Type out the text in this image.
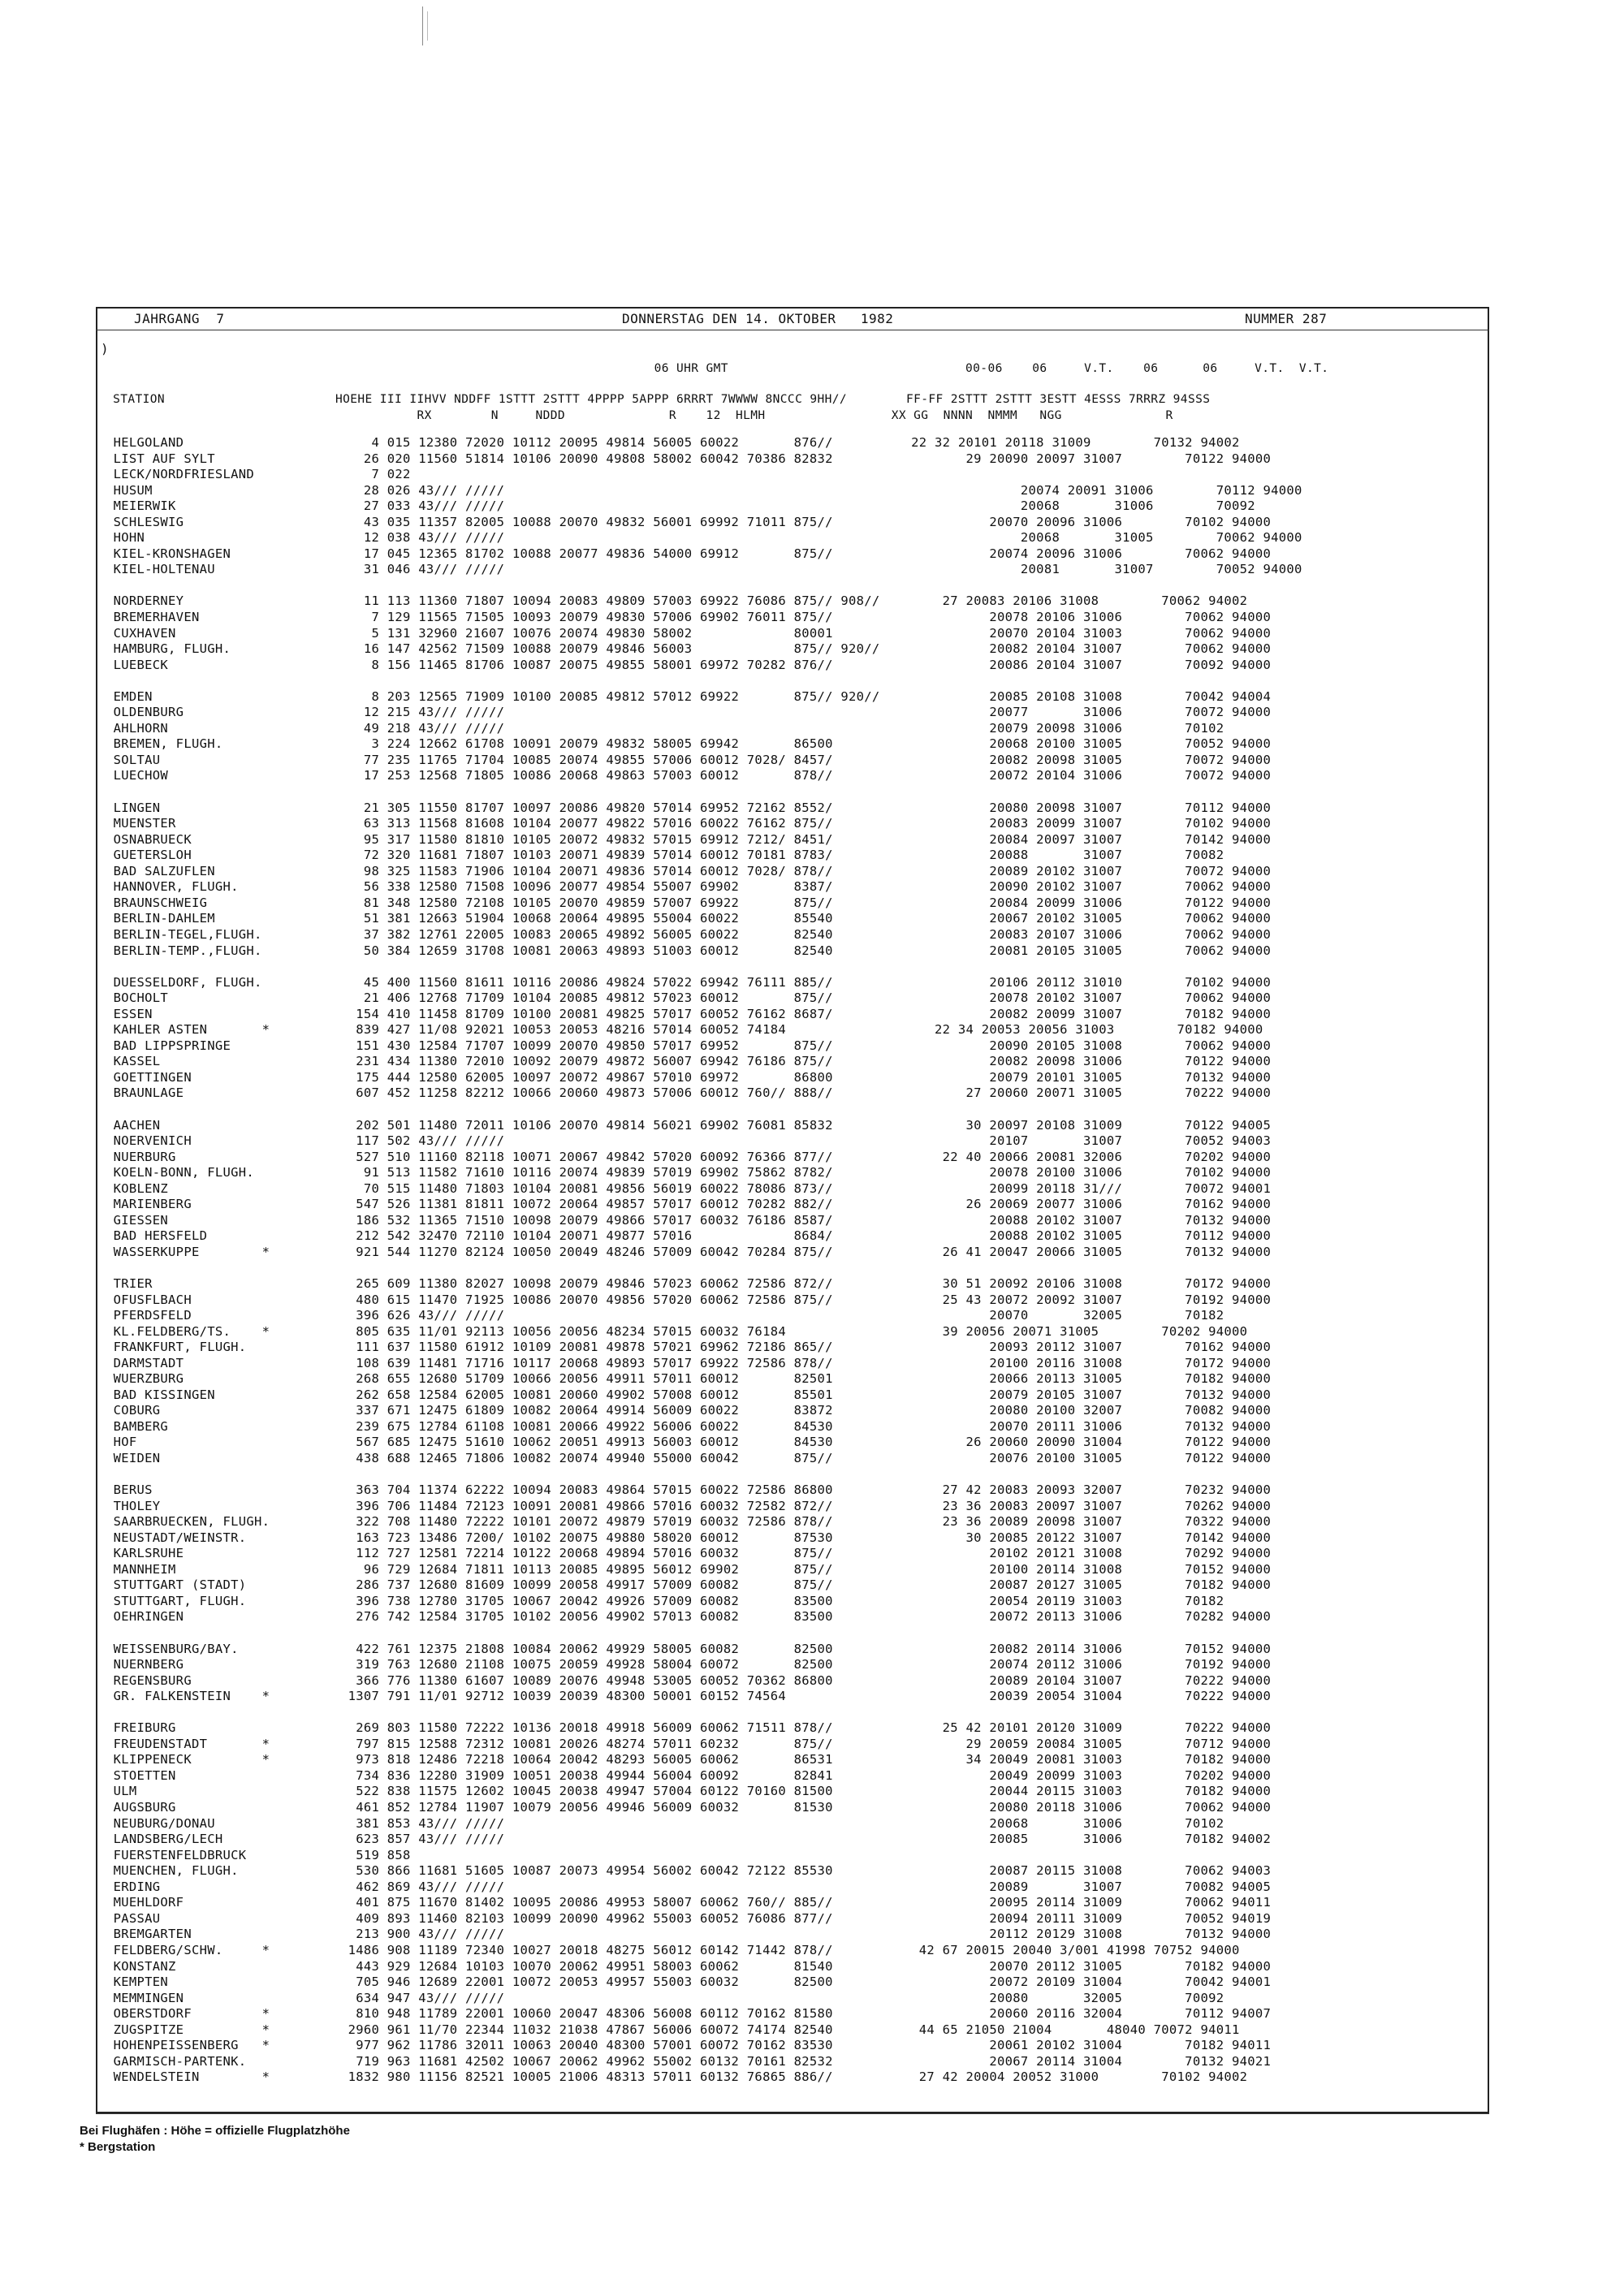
JAHRGANG  7	DONNERSTAG DEN 14. OKTOBER   1982	NUMMER 287
)
06 UHR GMT                                00-06    06     V.T.    06      06     V.T.  V.T.
STATION                       HOEHE III IIHVV NDDFF 1STTT 2STTT 4PPPP 5APPP 6RRRT 7WWWW 8NCCC 9HH//        FF-FF 2STTT 2STTT 3ESTT 4ESSS 7RRRZ 94SSS
RX        N     NDDD              R    12  HLMH                 XX GG  NNNN  NMMM   NGG              R
HELGOLAND                        4 015 12380 72020 10112 20095 49814 56005 60022       876//          22 32 20101 20118 31009        70132 94002
LIST AUF SYLT                   26 020 11560 51814 10106 20090 49808 58002 60042 70386 82832                 29 20090 20097 31007        70122 94000
LECK/NORDFRIESLAND               7 022
HUSUM                           28 026 43/// /////                                                                  20074 20091 31006        70112 94000
MEIERWIK                        27 033 43/// /////                                                                  20068       31006        70092
SCHLESWIG                       43 035 11357 82005 10088 20070 49832 56001 69992 71011 875//                    20070 20096 31006        70102 94000
HOHN                            12 038 43/// /////                                                                  20068       31005        70062 94000
KIEL-KRONSHAGEN                 17 045 12365 81702 10088 20077 49836 54000 69912       875//                    20074 20096 31006        70062 94000
KIEL-HOLTENAU                   31 046 43/// /////                                                                  20081       31007        70052 94000
NORDERNEY                       11 113 11360 71807 10094 20083 49809 57003 69922 76086 875// 908//        27 20083 20106 31008        70062 94002
BREMERHAVEN                      7 129 11565 71505 10093 20079 49830 57006 69902 76011 875//                    20078 20106 31006        70062 94000
CUXHAVEN                         5 131 32960 21607 10076 20074 49830 58002             80001                    20070 20104 31003        70062 94000
HAMBURG, FLUGH.                 16 147 42562 71509 10088 20079 49846 56003             875// 920//              20082 20104 31007        70062 94000
LUEBECK                          8 156 11465 81706 10087 20075 49855 58001 69972 70282 876//                    20086 20104 31007        70092 94000
EMDEN                            8 203 12565 71909 10100 20085 49812 57012 69922       875// 920//              20085 20108 31008        70042 94004
OLDENBURG                       12 215 43/// /////                                                              20077       31006        70072 94000
AHLHORN                         49 218 43/// /////                                                              20079 20098 31006        70102
BREMEN, FLUGH.                   3 224 12662 61708 10091 20079 49832 58005 69942       86500                    20068 20100 31005        70052 94000
SOLTAU                          77 235 11765 71704 10085 20074 49855 57006 60012 7028/ 8457/                    20082 20098 31005        70072 94000
LUECHOW                         17 253 12568 71805 10086 20068 49863 57003 60012       878//                    20072 20104 31006        70072 94000
LINGEN                          21 305 11550 81707 10097 20086 49820 57014 69952 72162 8552/                    20080 20098 31007        70112 94000
MUENSTER                        63 313 11568 81608 10104 20077 49822 57016 60022 76162 875//                    20083 20099 31007        70102 94000
OSNABRUECK                      95 317 11580 81810 10105 20072 49832 57015 69912 7212/ 8451/                    20084 20097 31007        70142 94000
GUETERSLOH                      72 320 11681 71807 10103 20071 49839 57014 60012 70181 8783/                    20088       31007        70082
BAD SALZUFLEN                   98 325 11583 71906 10104 20071 49836 57014 60012 7028/ 878//                    20089 20102 31007        70072 94000
HANNOVER, FLUGH.                56 338 12580 71508 10096 20077 49854 55007 69902       8387/                    20090 20102 31007        70062 94000
BRAUNSCHWEIG                    81 348 12580 72108 10105 20070 49859 57007 69922       875//                    20084 20099 31006        70122 94000
BERLIN-DAHLEM                   51 381 12663 51904 10068 20064 49895 55004 60022       85540                    20067 20102 31005        70062 94000
BERLIN-TEGEL,FLUGH.             37 382 12761 22005 10083 20065 49892 56005 60022       82540                    20083 20107 31006        70062 94000
BERLIN-TEMP.,FLUGH.             50 384 12659 31708 10081 20063 49893 51003 60012       82540                    20081 20105 31005        70062 94000
DUESSELDORF, FLUGH.             45 400 11560 81611 10116 20086 49824 57022 69942 76111 885//                    20106 20112 31010        70102 94000
BOCHOLT                         21 406 12768 71709 10104 20085 49812 57023 60012       875//                    20078 20102 31007        70062 94000
ESSEN                          154 410 11458 81709 10100 20081 49825 57017 60052 76162 8687/                    20082 20099 31007        70182 94000
KAHLER ASTEN       *           839 427 11/08 92021 10053 20053 48216 57014 60052 74184                   22 34 20053 20056 31003        70182 94000
BAD LIPPSPRINGE                151 430 12584 71707 10099 20070 49850 57017 69952       875//                    20090 20105 31008        70062 94000
KASSEL                         231 434 11380 72010 10092 20079 49872 56007 69942 76186 875//                    20082 20098 31006        70122 94000
GOETTINGEN                     175 444 12580 62005 10097 20072 49867 57010 69972       86800                    20079 20101 31005        70132 94000
BRAUNLAGE                      607 452 11258 82212 10066 20060 49873 57006 60012 760// 888//                 27 20060 20071 31005        70222 94000
AACHEN                         202 501 11480 72011 10106 20070 49814 56021 69902 76081 85832                 30 20097 20108 31009        70122 94005
NOERVENICH                     117 502 43/// /////                                                              20107       31007        70052 94003
NUERBURG                       527 510 11160 82118 10071 20067 49842 57020 60092 76366 877//              22 40 20066 20081 32006        70202 94000
KOELN-BONN, FLUGH.              91 513 11582 71610 10116 20074 49839 57019 69902 75862 8782/                    20078 20100 31006        70102 94000
KOBLENZ                         70 515 11480 71803 10104 20081 49856 56019 60022 78086 873//                    20099 20118 31///        70072 94001
MARIENBERG                     547 526 11381 81811 10072 20064 49857 57017 60012 70282 882//                 26 20069 20077 31006        70162 94000
GIESSEN                        186 532 11365 71510 10098 20079 49866 57017 60032 76186 8587/                    20088 20102 31007        70132 94000
BAD HERSFELD                   212 542 32470 72110 10104 20071 49877 57016             8684/                    20088 20102 31005        70112 94000
WASSERKUPPE        *           921 544 11270 82124 10050 20049 48246 57009 60042 70284 875//              26 41 20047 20066 31005        70132 94000
TRIER                          265 609 11380 82027 10098 20079 49846 57023 60062 72586 872//              30 51 20092 20106 31008        70172 94000
OFUSFLBACH                     480 615 11470 71925 10086 20070 49856 57020 60062 72586 875//              25 43 20072 20092 31007        70192 94000
PFERDSFELD                     396 626 43/// /////                                                              20070       32005        70182
KL.FELDBERG/TS.    *           805 635 11/01 92113 10056 20056 48234 57015 60032 76184                    39 20056 20071 31005        70202 94000
FRANKFURT, FLUGH.              111 637 11580 61912 10109 20081 49878 57021 69962 72186 865//                    20093 20112 31007        70162 94000
DARMSTADT                      108 639 11481 71716 10117 20068 49893 57017 69922 72586 878//                    20100 20116 31008        70172 94000
WUERZBURG                      268 655 12680 51709 10066 20056 49911 57011 60012       82501                    20066 20113 31005        70182 94000
BAD KISSINGEN                  262 658 12584 62005 10081 20060 49902 57008 60012       85501                    20079 20105 31007        70132 94000
COBURG                         337 671 12475 61809 10082 20064 49914 56009 60022       83872                    20080 20100 32007        70082 94000
BAMBERG                        239 675 12784 61108 10081 20066 49922 56006 60022       84530                    20070 20111 31006        70132 94000
HOF                            567 685 12475 51610 10062 20051 49913 56003 60012       84530                 26 20060 20090 31004        70122 94000
WEIDEN                         438 688 12465 71806 10082 20074 49940 55000 60042       875//                    20076 20100 31005        70122 94000
BERUS                          363 704 11374 62222 10094 20083 49864 57015 60022 72586 86800              27 42 20083 20093 32007        70232 94000
THOLEY                         396 706 11484 72123 10091 20081 49866 57016 60032 72582 872//              23 36 20083 20097 31007        70262 94000
SAARBRUECKEN, FLUGH.           322 708 11480 72222 10101 20072 49879 57019 60032 72586 878//              23 36 20089 20098 31007        70322 94000
NEUSTADT/WEINSTR.              163 723 13486 7200/ 10102 20075 49880 58020 60012       87530                 30 20085 20122 31007        70142 94000
KARLSRUHE                      112 727 12581 72214 10122 20068 49894 57016 60032       875//                    20102 20121 31008        70292 94000
MANNHEIM                        96 729 12684 71811 10113 20085 49895 56012 69902       875//                    20100 20114 31008        70152 94000
STUTTGART (STADT)              286 737 12680 81609 10099 20058 49917 57009 60082       875//                    20087 20127 31005        70182 94000
STUTTGART, FLUGH.              396 738 12780 31705 10067 20042 49926 57009 60082       83500                    20054 20119 31003        70182
OEHRINGEN                      276 742 12584 31705 10102 20056 49902 57013 60082       83500                    20072 20113 31006        70282 94000
WEISSENBURG/BAY.               422 761 12375 21808 10084 20062 49929 58005 60082       82500                    20082 20114 31006        70152 94000
NUERNBERG                      319 763 12680 21108 10075 20059 49928 58004 60072       82500                    20074 20112 31006        70192 94000
REGENSBURG                     366 776 11380 61607 10089 20076 49948 53005 60052 70362 86800                    20089 20104 31007        70222 94000
GR. FALKENSTEIN    *          1307 791 11/01 92712 10039 20039 48300 50001 60152 74564                          20039 20054 31004        70222 94000
FREIBURG                       269 803 11580 72222 10136 20018 49918 56009 60062 71511 878//              25 42 20101 20120 31009        70222 94000
FREUDENSTADT       *           797 815 12588 72312 10081 20026 48274 57011 60232       875//                 29 20059 20084 31005        70712 94000
KLIPPENECK         *           973 818 12486 72218 10064 20042 48293 56005 60062       86531                 34 20049 20081 31003        70182 94000
STOETTEN                       734 836 12280 31909 10051 20038 49944 56004 60092       82841                    20049 20099 31003        70202 94000
ULM                            522 838 11575 12602 10045 20038 49947 57004 60122 70160 81500                    20044 20115 31003        70182 94000
AUGSBURG                       461 852 12784 11907 10079 20056 49946 56009 60032       81530                    20080 20118 31006        70062 94000
NEUBURG/DONAU                  381 853 43/// /////                                                              20068       31006        70102
LANDSBERG/LECH                 623 857 43/// /////                                                              20085       31006        70182 94002
FUERSTENFELDBRUCK              519 858
MUENCHEN, FLUGH.               530 866 11681 51605 10087 20073 49954 56002 60042 72122 85530                    20087 20115 31008        70062 94003
ERDING                         462 869 43/// /////                                                              20089       31007        70082 94005
MUEHLDORF                      401 875 11670 81402 10095 20086 49953 58007 60062 760// 885//                    20095 20114 31009        70062 94011
PASSAU                         409 893 11460 82103 10099 20090 49962 55003 60052 76086 877//                    20094 20111 31009        70052 94019
BREMGARTEN                     213 900 43/// /////                                                              20112 20129 31008        70132 94000
FELDBERG/SCHW.     *          1486 908 11189 72340 10027 20018 48275 56012 60142 71442 878//           42 67 20015 20040 3/001 41998 70752 94000
KONSTANZ                       443 929 12684 10103 10070 20062 49951 58003 60062       81540                    20070 20112 31005        70182 94000
KEMPTEN                        705 946 12689 22001 10072 20053 49957 55003 60032       82500                    20072 20109 31004        70042 94001
MEMMINGEN                      634 947 43/// /////                                                              20080       32005        70092
OBERSTDORF         *           810 948 11789 22001 10060 20047 48306 56008 60112 70162 81580                    20060 20116 32004        70112 94007
ZUGSPITZE          *          2960 961 11/70 22344 11032 21038 47867 56006 60072 74174 82540           44 65 21050 21004       48040 70072 94011
HOHENPEISSENBERG   *           977 962 11786 32011 10063 20040 48300 57001 60072 70162 83530                    20061 20102 31004        70182 94011
GARMISCH-PARTENK.              719 963 11681 42502 10067 20062 49962 55002 60132 70161 82532                    20067 20114 31004        70132 94021
WENDELSTEIN        *          1832 980 11156 82521 10005 21006 48313 57011 60132 76865 886//           27 42 20004 20052 31000        70102 94002
Bei Flughäfen : Höhe = offizielle Flugplatzhöhe
* Bergstation
